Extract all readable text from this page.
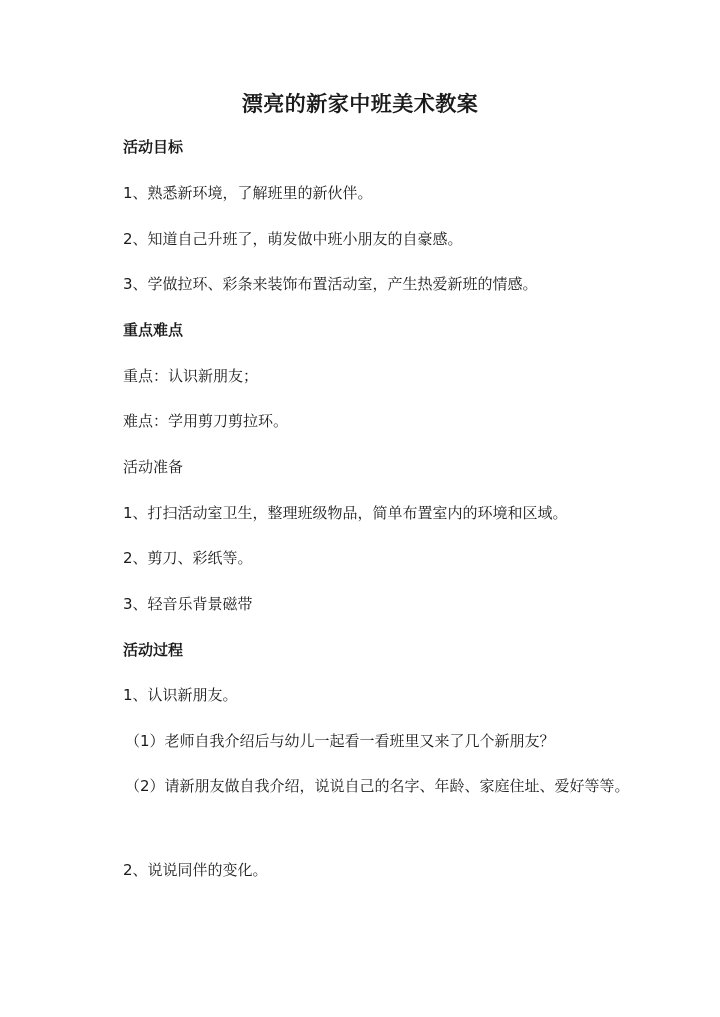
漂亮的新家中班美术教案
活动目标
1、熟悉新环境，了解班里的新伙伴。
2、知道自己升班了，萌发做中班小朋友的自豪感。
3、学做拉环、彩条来装饰布置活动室，产生热爱新班的情感。
重点难点
重点：认识新朋友；
难点：学用剪刀剪拉环。
活动准备
1、打扫活动室卫生，整理班级物品，简单布置室内的环境和区域。
2、剪刀、彩纸等。
3、轻音乐背景磁带
活动过程
1、认识新朋友。
（1）老师自我介绍后与幼儿一起看一看班里又来了几个新朋友？
（2）请新朋友做自我介绍，说说自己的名字、年龄、家庭住址、爱好等等。
2、说说同伴的变化。
